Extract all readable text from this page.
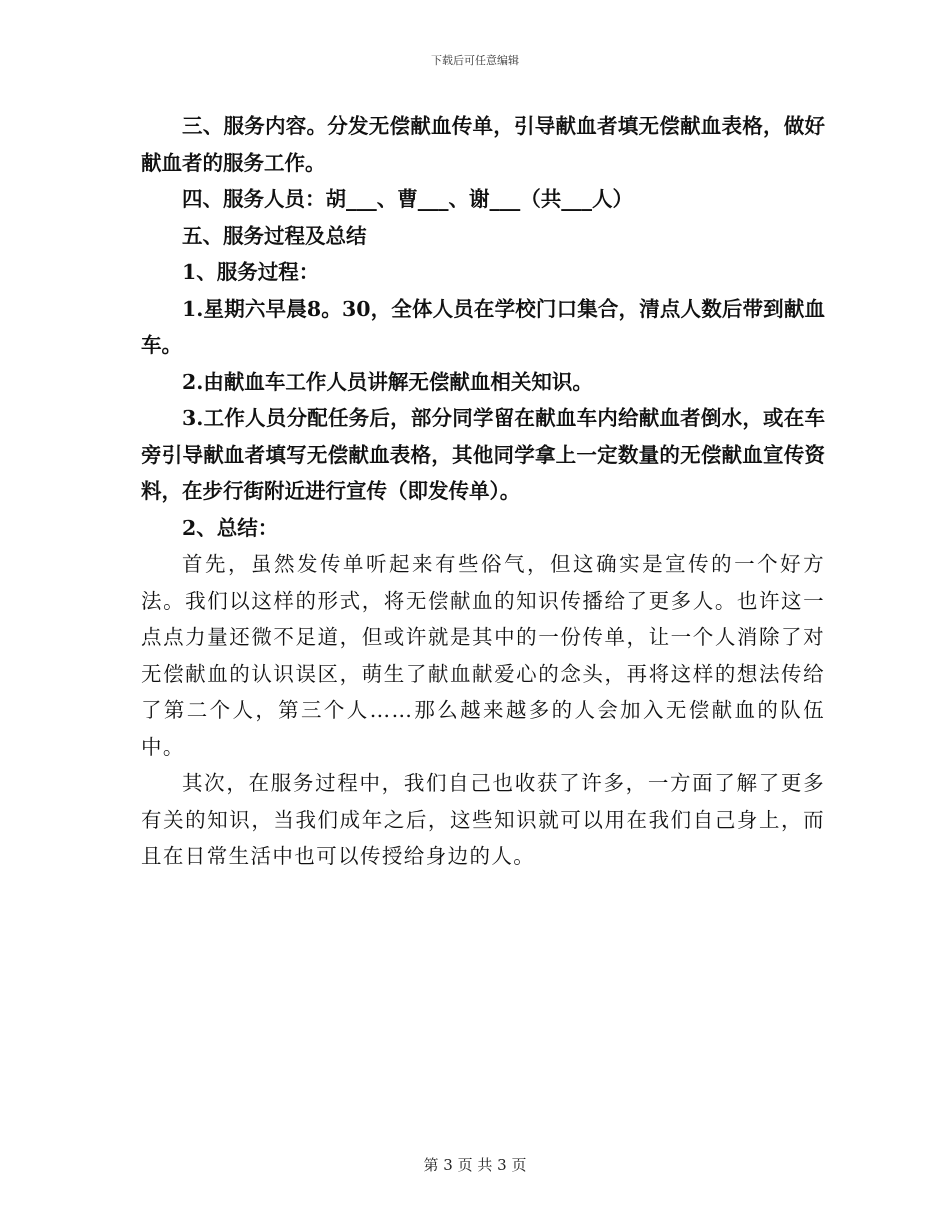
下载后可任意编辑

三、服务内容。分发无偿献血传单，引导献血者填无偿献血表格，做好献血者的服务工作。

四、服务人员：胡___、曹___、谢___（共___人）

五、服务过程及总结

1、服务过程：

1.星期六早晨8。30，全体人员在学校门口集合，清点人数后带到献血车。

2.由献血车工作人员讲解无偿献血相关知识。

3.工作人员分配任务后，部分同学留在献血车内给献血者倒水，或在车旁引导献血者填写无偿献血表格，其他同学拿上一定数量的无偿献血宣传资料，在步行街附近进行宣传（即发传单）。

2、总结：

首先，虽然发传单听起来有些俗气，但这确实是宣传的一个好方法。我们以这样的形式，将无偿献血的知识传播给了更多人。也许这一点点力量还微不足道，但或许就是其中的一份传单，让一个人消除了对无偿献血的认识误区，萌生了献血献爱心的念头，再将这样的想法传给了第二个人，第三个人……那么越来越多的人会加入无偿献血的队伍中。

其次，在服务过程中，我们自己也收获了许多，一方面了解了更多有关的知识，当我们成年之后，这些知识就可以用在我们自己身上，而且在日常生活中也可以传授给身边的人。

第 3 页 共 3 页
